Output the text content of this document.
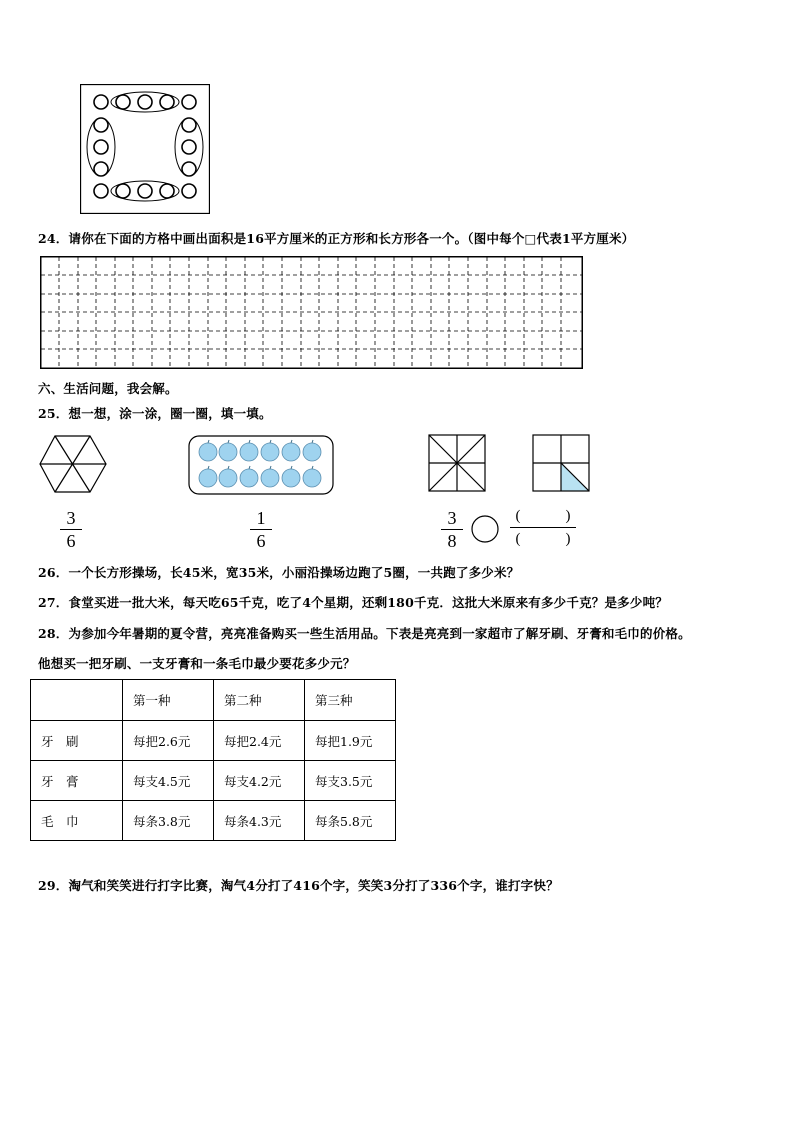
24．请你在下面的方格中画出面积是16平方厘米的正方形和长方形各一个。（图中每个□代表1平方厘米）
六、生活问题，我会解。
25．想一想，涂一涂，圈一圈，填一填。
3
6
1
6
3
8
(　　　)
(　　　)
26．一个长方形操场，长45米，宽35米，小丽沿操场边跑了5圈，一共跑了多少米？
27．食堂买进一批大米，每天吃65千克，吃了4个星期，还剩180千克．这批大米原来有多少千克？是多少吨？
28．为参加今年暑期的夏令营，亮亮准备购买一些生活用品。下表是亮亮到一家超市了解牙刷、牙膏和毛巾的价格。
他想买一把牙刷、一支牙膏和一条毛巾最少要花多少元？
	第一种	第二种	第三种
牙　刷	每把2.6元	每把2.4元	每把1.9元
牙　膏	每支4.5元	每支4.2元	每支3.5元
毛　巾	每条3.8元	每条4.3元	每条5.8元
29．淘气和笑笑进行打字比赛，淘气4分打了416个字，笑笑3分打了336个字，谁打字快？
